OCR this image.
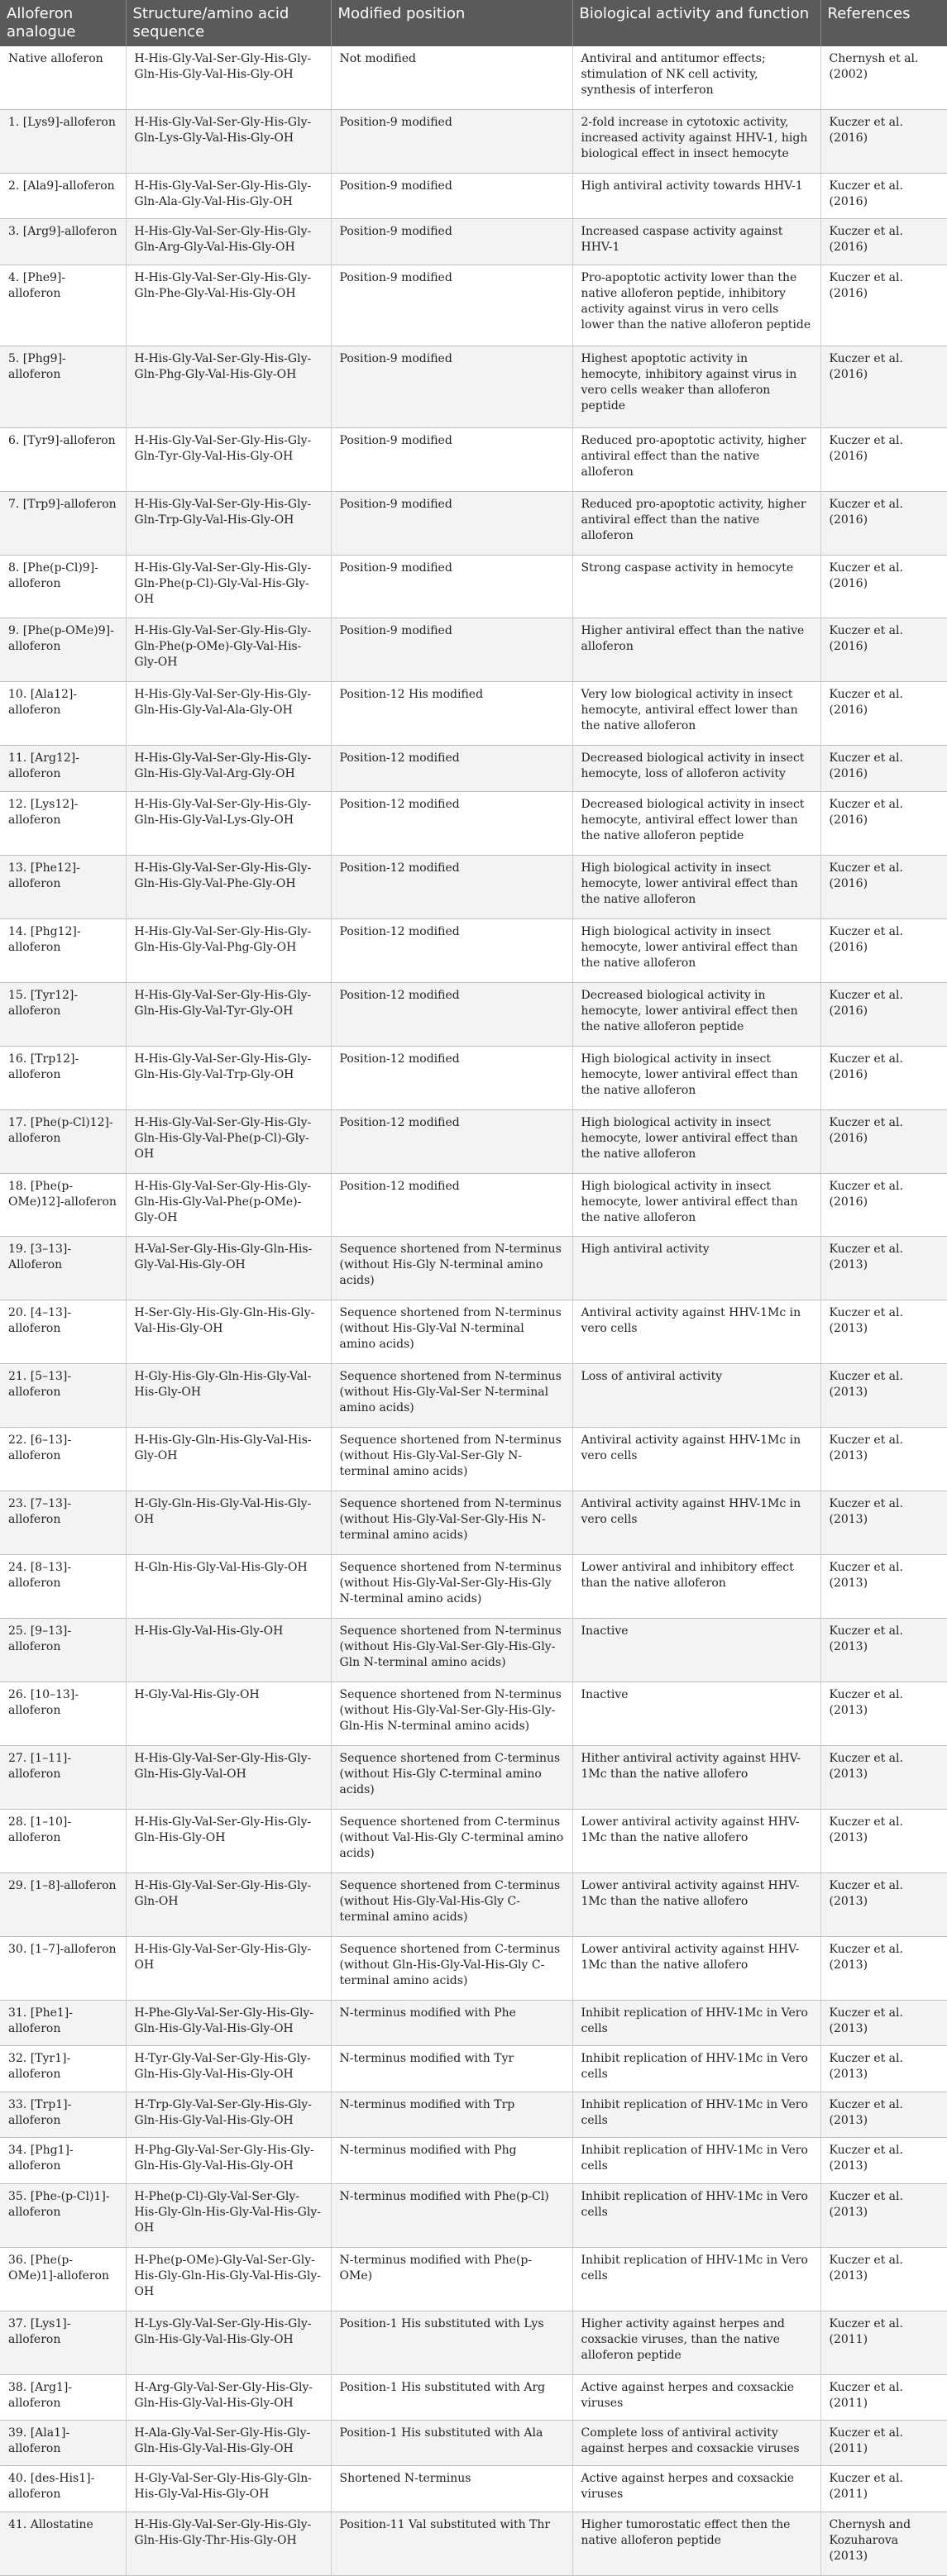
Alloferon analogue	Structure/amino acid sequence	Modified position	Biological activity and function	References
Native alloferon	H-His-Gly-Val-Ser-Gly-His-Gly-Gln-His-Gly-Val-His-Gly-OH	Not modified	Antiviral and antitumor effects; stimulation of NK cell activity, synthesis of interferon	Chernysh et al. (2002)
1. [Lys9]-alloferon	H-His-Gly-Val-Ser-Gly-His-Gly-Gln-Lys-Gly-Val-His-Gly-OH	Position-9 modified	2-fold increase in cytotoxic activity, increased activity against HHV-1, high biological effect in insect hemocyte	Kuczer et al. (2016)
2. [Ala9]-alloferon	H-His-Gly-Val-Ser-Gly-His-Gly-Gln-Ala-Gly-Val-His-Gly-OH	Position-9 modified	High antiviral activity towards HHV-1	Kuczer et al. (2016)
3. [Arg9]-alloferon	H-His-Gly-Val-Ser-Gly-His-Gly-Gln-Arg-Gly-Val-His-Gly-OH	Position-9 modified	Increased caspase activity against HHV-1	Kuczer et al. (2016)
4. [Phe9]-alloferon	H-His-Gly-Val-Ser-Gly-His-Gly-Gln-Phe-Gly-Val-His-Gly-OH	Position-9 modified	Pro-apoptotic activity lower than the native alloferon peptide, inhibitory activity against virus in vero cells lower than the native alloferon peptide	Kuczer et al. (2016)
5. [Phg9]-alloferon	H-His-Gly-Val-Ser-Gly-His-Gly-Gln-Phg-Gly-Val-His-Gly-OH	Position-9 modified	Highest apoptotic activity in hemocyte, inhibitory against virus in vero cells weaker than alloferon peptide	Kuczer et al. (2016)
6. [Tyr9]-alloferon	H-His-Gly-Val-Ser-Gly-His-Gly-Gln-Tyr-Gly-Val-His-Gly-OH	Position-9 modified	Reduced pro-apoptotic activity, higher antiviral effect than the native alloferon	Kuczer et al. (2016)
7. [Trp9]-alloferon	H-His-Gly-Val-Ser-Gly-His-Gly-Gln-Trp-Gly-Val-His-Gly-OH	Position-9 modified	Reduced pro-apoptotic activity, higher antiviral effect than the native alloferon	Kuczer et al. (2016)
8. [Phe(p-Cl)9]-alloferon	H-His-Gly-Val-Ser-Gly-His-Gly-Gln-Phe(p-Cl)-Gly-Val-His-Gly-OH	Position-9 modified	Strong caspase activity in hemocyte	Kuczer et al. (2016)
9. [Phe(p-OMe)9]-alloferon	H-His-Gly-Val-Ser-Gly-His-Gly-Gln-Phe(p-OMe)-Gly-Val-His-Gly-OH	Position-9 modified	Higher antiviral effect than the native alloferon	Kuczer et al. (2016)
10. [Ala12]-alloferon	H-His-Gly-Val-Ser-Gly-His-Gly-Gln-His-Gly-Val-Ala-Gly-OH	Position-12 His modified	Very low biological activity in insect hemocyte, antiviral effect lower than the native alloferon	Kuczer et al. (2016)
11. [Arg12]-alloferon	H-His-Gly-Val-Ser-Gly-His-Gly-Gln-His-Gly-Val-Arg-Gly-OH	Position-12 modified	Decreased biological activity in insect hemocyte, loss of alloferon activity	Kuczer et al. (2016)
12. [Lys12]-alloferon	H-His-Gly-Val-Ser-Gly-His-Gly-Gln-His-Gly-Val-Lys-Gly-OH	Position-12 modified	Decreased biological activity in insect hemocyte, antiviral effect lower than the native alloferon peptide	Kuczer et al. (2016)
13. [Phe12]-alloferon	H-His-Gly-Val-Ser-Gly-His-Gly-Gln-His-Gly-Val-Phe-Gly-OH	Position-12 modified	High biological activity in insect hemocyte, lower antiviral effect than the native alloferon	Kuczer et al. (2016)
14. [Phg12]-alloferon	H-His-Gly-Val-Ser-Gly-His-Gly-Gln-His-Gly-Val-Phg-Gly-OH	Position-12 modified	High biological activity in insect hemocyte, lower antiviral effect than the native alloferon	Kuczer et al. (2016)
15. [Tyr12]-alloferon	H-His-Gly-Val-Ser-Gly-His-Gly-Gln-His-Gly-Val-Tyr-Gly-OH	Position-12 modified	Decreased biological activity in hemocyte, lower antiviral effect then the native alloferon peptide	Kuczer et al. (2016)
16. [Trp12]-alloferon	H-His-Gly-Val-Ser-Gly-His-Gly-Gln-His-Gly-Val-Trp-Gly-OH	Position-12 modified	High biological activity in insect hemocyte, lower antiviral effect than the native alloferon	Kuczer et al. (2016)
17. [Phe(p-Cl)12]-alloferon	H-His-Gly-Val-Ser-Gly-His-Gly-Gln-His-Gly-Val-Phe(p-Cl)-Gly-OH	Position-12 modified	High biological activity in insect hemocyte, lower antiviral effect than the native alloferon	Kuczer et al. (2016)
18. [Phe(p-OMe)12]-alloferon	H-His-Gly-Val-Ser-Gly-His-Gly-Gln-His-Gly-Val-Phe(p-OMe)-Gly-OH	Position-12 modified	High biological activity in insect hemocyte, lower antiviral effect than the native alloferon	Kuczer et al. (2016)
19. [3–13]-Alloferon	H-Val-Ser-Gly-His-Gly-Gln-His-Gly-Val-His-Gly-OH	Sequence shortened from N-terminus (without His-Gly N-terminal amino acids)	High antiviral activity	Kuczer et al. (2013)
20. [4–13]-alloferon	H-Ser-Gly-His-Gly-Gln-His-Gly-Val-His-Gly-OH	Sequence shortened from N-terminus (without His-Gly-Val N-terminal amino acids)	Antiviral activity against HHV-1Mc in vero cells	Kuczer et al. (2013)
21. [5–13]-alloferon	H-Gly-His-Gly-Gln-His-Gly-Val-His-Gly-OH	Sequence shortened from N-terminus (without His-Gly-Val-Ser N-terminal amino acids)	Loss of antiviral activity	Kuczer et al. (2013)
22. [6–13]-alloferon	H-His-Gly-Gln-His-Gly-Val-His-Gly-OH	Sequence shortened from N-terminus (without His-Gly-Val-Ser-Gly N-terminal amino acids)	Antiviral activity against HHV-1Mc in vero cells	Kuczer et al. (2013)
23. [7–13]-alloferon	H-Gly-Gln-His-Gly-Val-His-Gly-OH	Sequence shortened from N-terminus (without His-Gly-Val-Ser-Gly-His N-terminal amino acids)	Antiviral activity against HHV-1Mc in vero cells	Kuczer et al. (2013)
24. [8–13]-alloferon	H-Gln-His-Gly-Val-His-Gly-OH	Sequence shortened from N-terminus (without His-Gly-Val-Ser-Gly-His-Gly N-terminal amino acids)	Lower antiviral and inhibitory effect than the native alloferon	Kuczer et al. (2013)
25. [9–13]-alloferon	H-His-Gly-Val-His-Gly-OH	Sequence shortened from N-terminus (without His-Gly-Val-Ser-Gly-His-Gly-Gln N-terminal amino acids)	Inactive	Kuczer et al. (2013)
26. [10–13]-alloferon	H-Gly-Val-His-Gly-OH	Sequence shortened from N-terminus (without His-Gly-Val-Ser-Gly-His-Gly-Gln-His N-terminal amino acids)	Inactive	Kuczer et al. (2013)
27. [1–11]-alloferon	H-His-Gly-Val-Ser-Gly-His-Gly-Gln-His-Gly-Val-OH	Sequence shortened from C-terminus (without His-Gly C-terminal amino acids)	Hither antiviral activity against HHV-1Mc than the native allofero	Kuczer et al. (2013)
28. [1–10]-alloferon	H-His-Gly-Val-Ser-Gly-His-Gly-Gln-His-Gly-OH	Sequence shortened from C-terminus (without Val-His-Gly C-terminal amino acids)	Lower antiviral activity against HHV-1Mc than the native allofero	Kuczer et al. (2013)
29. [1–8]-alloferon	H-His-Gly-Val-Ser-Gly-His-Gly-Gln-OH	Sequence shortened from C-terminus (without His-Gly-Val-His-Gly C-terminal amino acids)	Lower antiviral activity against HHV-1Mc than the native allofero	Kuczer et al. (2013)
30. [1–7]-alloferon	H-His-Gly-Val-Ser-Gly-His-Gly-OH	Sequence shortened from C-terminus (without Gln-His-Gly-Val-His-Gly C-terminal amino acids)	Lower antiviral activity against HHV-1Mc than the native allofero	Kuczer et al. (2013)
31. [Phe1]-alloferon	H-Phe-Gly-Val-Ser-Gly-His-Gly-Gln-His-Gly-Val-His-Gly-OH	N-terminus modified with Phe	Inhibit replication of HHV-1Mc in Vero cells	Kuczer et al. (2013)
32. [Tyr1]-alloferon	H-Tyr-Gly-Val-Ser-Gly-His-Gly-Gln-His-Gly-Val-His-Gly-OH	N-terminus modified with Tyr	Inhibit replication of HHV-1Mc in Vero cells	Kuczer et al. (2013)
33. [Trp1]-alloferon	H-Trp-Gly-Val-Ser-Gly-His-Gly-Gln-His-Gly-Val-His-Gly-OH	N-terminus modified with Trp	Inhibit replication of HHV-1Mc in Vero cells	Kuczer et al. (2013)
34. [Phg1]-alloferon	H-Phg-Gly-Val-Ser-Gly-His-Gly-Gln-His-Gly-Val-His-Gly-OH	N-terminus modified with Phg	Inhibit replication of HHV-1Mc in Vero cells	Kuczer et al. (2013)
35. [Phe-(p-Cl)1]-alloferon	H-Phe(p-Cl)-Gly-Val-Ser-Gly-His-Gly-Gln-His-Gly-Val-His-Gly-OH	N-terminus modified with Phe(p-Cl)	Inhibit replication of HHV-1Mc in Vero cells	Kuczer et al. (2013)
36. [Phe(p-OMe)1]-alloferon	H-Phe(p-OMe)-Gly-Val-Ser-Gly-His-Gly-Gln-His-Gly-Val-His-Gly-OH	N-terminus modified with Phe(p-OMe)	Inhibit replication of HHV-1Mc in Vero cells	Kuczer et al. (2013)
37. [Lys1]-alloferon	H-Lys-Gly-Val-Ser-Gly-His-Gly-Gln-His-Gly-Val-His-Gly-OH	Position-1 His substituted with Lys	Higher activity against herpes and coxsackie viruses, than the native alloferon peptide	Kuczer et al. (2011)
38. [Arg1]-alloferon	H-Arg-Gly-Val-Ser-Gly-His-Gly-Gln-His-Gly-Val-His-Gly-OH	Position-1 His substituted with Arg	Active against herpes and coxsackie viruses	Kuczer et al. (2011)
39. [Ala1]-alloferon	H-Ala-Gly-Val-Ser-Gly-His-Gly-Gln-His-Gly-Val-His-Gly-OH	Position-1 His substituted with Ala	Complete loss of antiviral activity against herpes and coxsackie viruses	Kuczer et al. (2011)
40. [des-His1]-alloferon	H-Gly-Val-Ser-Gly-His-Gly-Gln-His-Gly-Val-His-Gly-OH	Shortened N-terminus	Active against herpes and coxsackie viruses	Kuczer et al. (2011)
41. Allostatine	H-His-Gly-Val-Ser-Gly-His-Gly-Gln-His-Gly-Thr-His-Gly-OH	Position-11 Val substituted with Thr	Higher tumorostatic effect then the native alloferon peptide	Chernysh and Kozuharova (2013)
